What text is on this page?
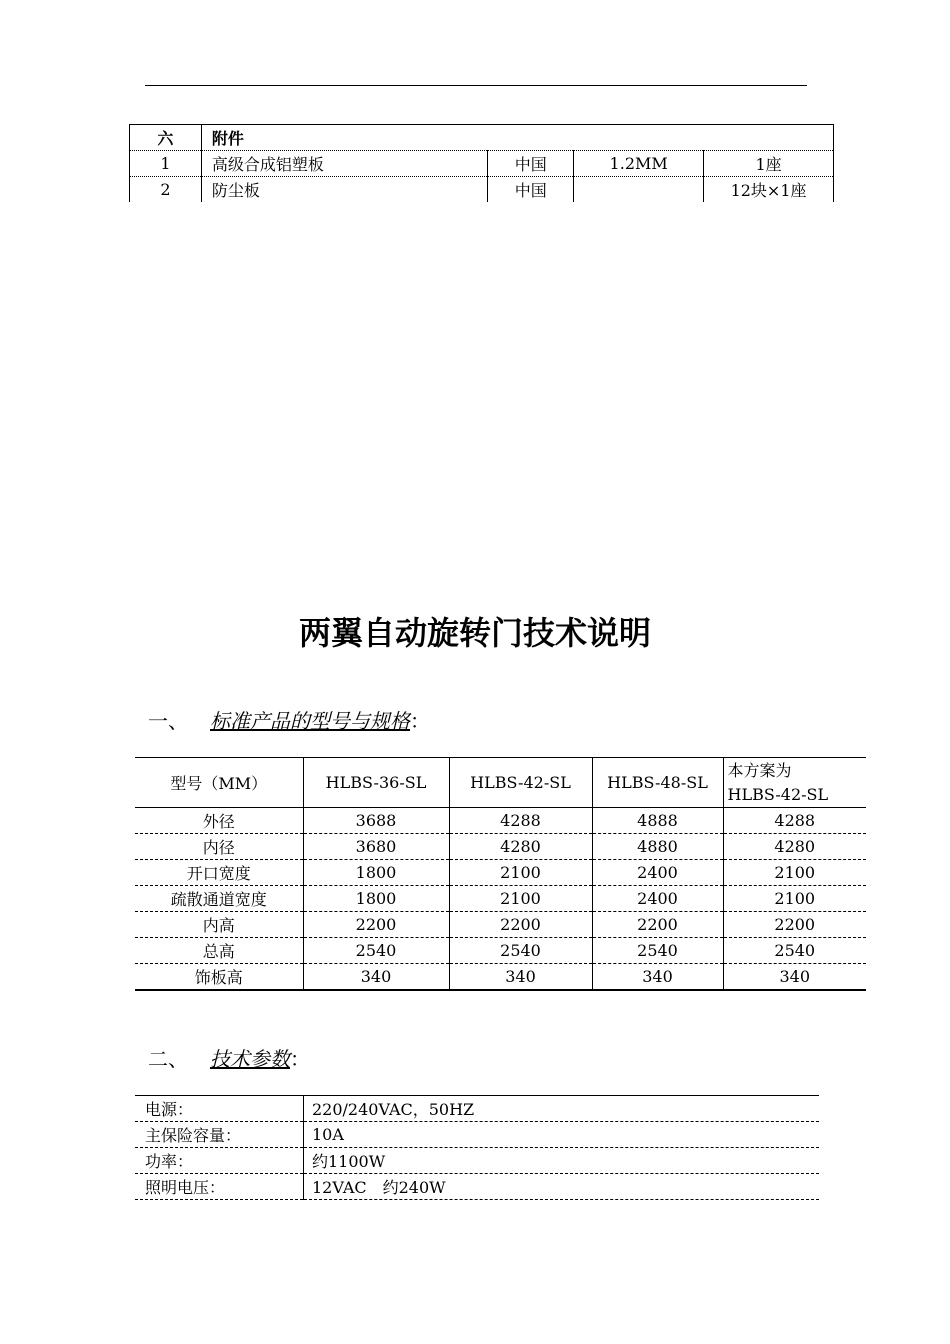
六	附件			
1	高级合成铝塑板	中国	1.2MM	1座
2	防尘板	中国		12块×1座
两翼自动旋转门技术说明
一、 标准产品的型号与规格：
型号（MM）	HLBS-36-SL	HLBS-42-SL	HLBS-48-SL	本方案为
HLBS-42-SL
外径	3688	4288	4888	4288
内径	3680	4280	4880	4280
开口宽度	1800	2100	2400	2100
疏散通道宽度	1800	2100	2400	2100
内高	2200	2200	2200	2200
总高	2540	2540	2540	2540
饰板高	340	340	340	340
二、 技术参数：
电源：	220/240VAC，50HZ
主保险容量：	10A
功率：	约1100W
照明电压：	12VAC　约240W
